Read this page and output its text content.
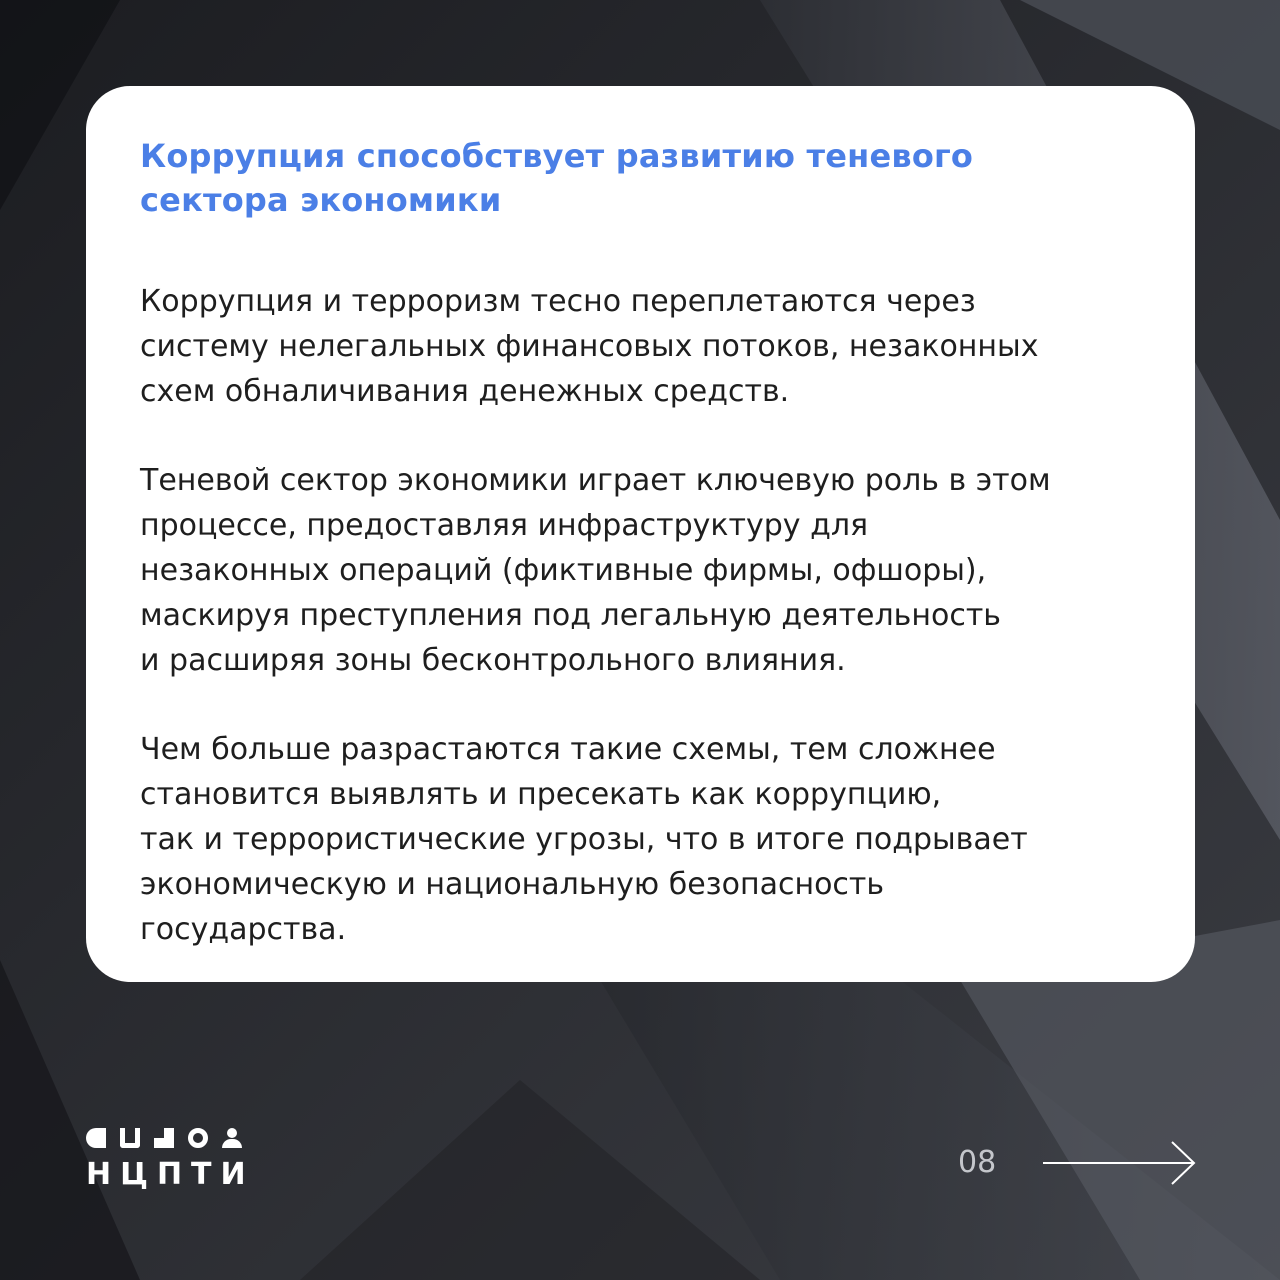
Коррупция способствует развитию теневого
сектора экономики

Коррупция и терроризм тесно переплетаются через
систему нелегальных финансовых потоков, незаконных
схем обналичивания денежных средств.

Теневой сектор экономики играет ключевую роль в этом
процессе, предоставляя инфраструктуру для
незаконных операций (фиктивные фирмы, офшоры),
маскируя преступления под легальную деятельность
и расширяя зоны бесконтрольного влияния.

Чем больше разрастаются такие схемы, тем сложнее
становится выявлять и пресекать как коррупцию,
так и террористические угрозы, что в итоге подрывает
экономическую и национальную безопасность
государства.

НЦПТИ	08
